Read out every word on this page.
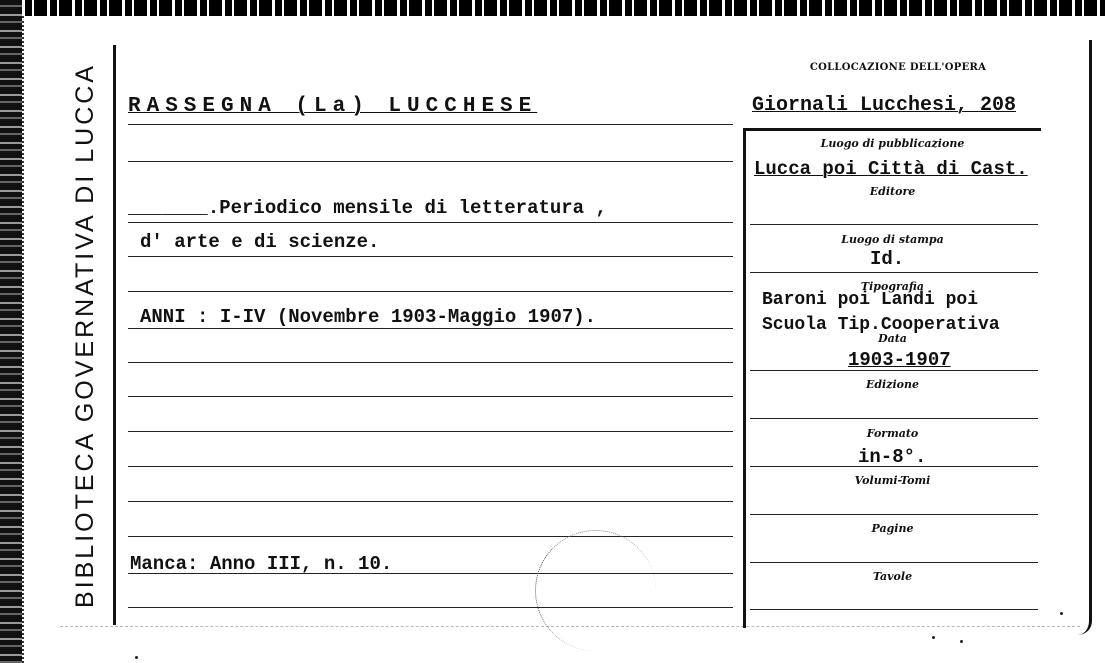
BIBLIOTECA GOVERNATIVA DI LUCCA RASSEGNA (La) LUCCHESE
_______.Periodico mensile di letteratura ,
d' arte e di scienze.
ANNI : I-IV (Novembre 1903-Maggio 1907).
Manca: Anno III, n. 10.
COLLOCAZIONE DELL'OPERA
Giornali Lucchesi, 208
Luogo di pubblicazione
Lucca poi Città di Cast.
Editore
Luogo di stampa
Id.
Tipografia
Baroni poi Landi poi
Scuola Tip.Cooperativa
Data
1903-1907
Edizione
Formato
in-8°.
Volumi-Tomi
Pagine
Tavole
